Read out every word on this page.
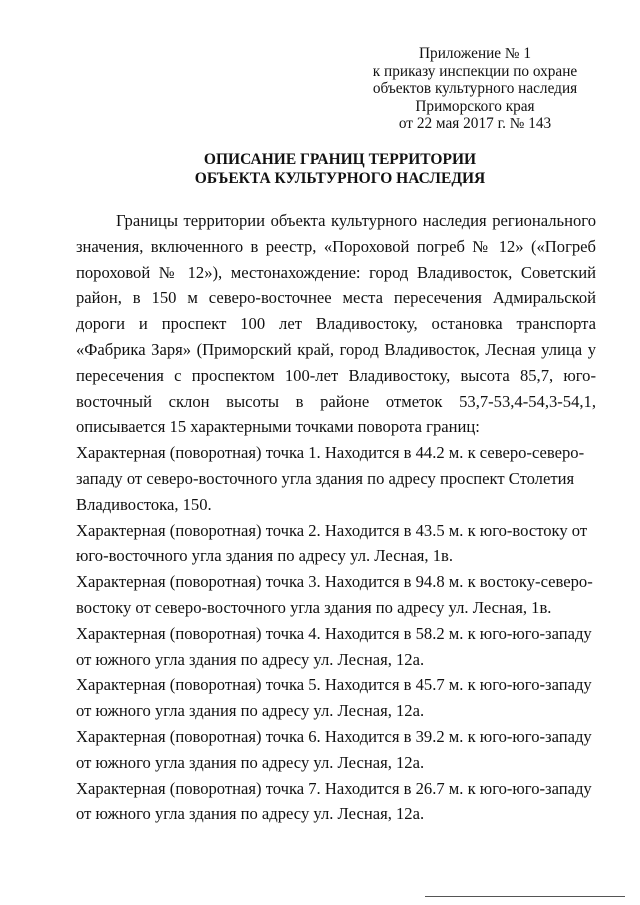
Приложение № 1
к приказу инспекции по охране
объектов культурного наследия
Приморского края
от 22 мая 2017 г. № 143
ОПИСАНИЕ ГРАНИЦ ТЕРРИТОРИИ
ОБЪЕКТА КУЛЬТУРНОГО НАСЛЕДИЯ

Границы территории объекта культурного наследия регионального значения, включенного в реестр, «Пороховой погреб № 12» («Погреб пороховой № 12»), местонахождение: город Владивосток, Советский район, в 150 м северо-восточнее места пересечения Адмиральской дороги и проспект 100 лет Владивостоку, остановка транспорта «Фабрика Заря» (Приморский край, город Владивосток, Лесная улица у пересечения с проспектом 100-лет Владивостоку, высота 85,7, юго-восточный склон высоты в районе отметок 53,7-53,4-54,3-54,1, описывается 15 характерными точками поворота границ:

Характерная (поворотная) точка 1. Находится в 44.2 м. к северо-северо-западу от северо-восточного угла здания по адресу проспект Столетия Владивостока, 150.

Характерная (поворотная) точка 2. Находится в 43.5 м. к юго-востоку от юго-восточного угла здания по адресу ул. Лесная, 1в.

Характерная (поворотная) точка 3. Находится в 94.8 м. к востоку-северо-востоку от северо-восточного угла здания по адресу ул. Лесная, 1в.

Характерная (поворотная) точка 4. Находится в 58.2 м. к юго-юго-западу от южного угла здания по адресу ул. Лесная, 12а.

Характерная (поворотная) точка 5. Находится в 45.7 м. к юго-юго-западу от южного угла здания по адресу ул. Лесная, 12а.

Характерная (поворотная) точка 6. Находится в 39.2 м. к юго-юго-западу от южного угла здания по адресу ул. Лесная, 12а.

Характерная (поворотная) точка 7. Находится в 26.7 м. к юго-юго-западу от южного угла здания по адресу ул. Лесная, 12а.
